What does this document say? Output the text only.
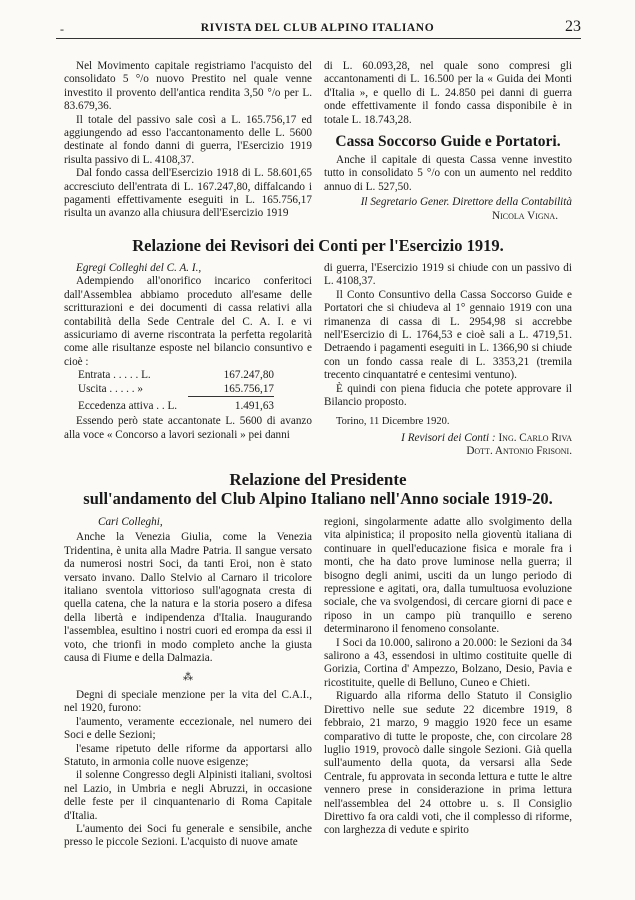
-	RIVISTA DEL CLUB ALPINO ITALIANO	23

Nel Movimento capitale registriamo l'acquisto del consolidato 5 °/o nuovo Prestito nel quale venne investito il provento dell'antica rendita 3,50 °/o per L. 83.679,36.

Il totale del passivo sale così a L. 165.756,17 ed aggiungendo ad esso l'accantonamento delle L. 5600 destinate al fondo danni di guerra, l'Esercizio 1919 risulta passivo di L. 4108,37.

Dal fondo cassa dell'Esercizio 1918 di L. 58.601,65 accresciuto dell'entrata di L. 167.247,80, diffalcando i pagamenti effettivamente eseguiti in L. 165.756,17 risulta un avanzo alla chiusura dell'Esercizio 1919

di L. 60.093,28, nel quale sono compresi gli accantonamenti di L. 16.500 per la « Guida dei Monti d'Italia », e quello di L. 24.850 pei danni di guerra onde effettivamente il fondo cassa disponibile è in totale L. 18.743,28.

Cassa Soccorso Guide e Portatori.

Anche il capitale di questa Cassa venne investito tutto in consolidato 5 °/o con un aumento nel reddito annuo di L. 527,50.

Il Segretario Gener. Direttore della Contabilità
Nicola Vigna.
Relazione dei Revisori dei Conti per l'Esercizio 1919.
Egregi Colleghi del C. A. I.,

Adempiendo all'onorifico incarico conferitoci dall'Assemblea abbiamo proceduto all'esame delle scritturazioni e dei documenti di cassa relativi alla contabilità della Sede Centrale del C. A. I. e vi assicuriamo di averne riscontrata la perfetta regolarità come alle risultanze esposte nel bilancio consuntivo e cioè :

Entrata . . . . . L.	167.247,80
Uscita . . . . . »	165.756,17
Eccedenza attiva . . L.	1.491,63

Essendo però state accantonate L. 5600 di avanzo alla voce « Concorso a lavori sezionali » pei danni

di guerra, l'Esercizio 1919 si chiude con un passivo di L. 4108,37.

Il Conto Consuntivo della Cassa Soccorso Guide e Portatori che si chiudeva al 1° gennaio 1919 con una rimanenza di cassa di L. 2954,98 si accrebbe nell'Esercizio di L. 1764,53 e cioè sali a L. 4719,51. Detraendo i pagamenti eseguiti in L. 1366,90 si chiude con un fondo cassa reale di L. 3353,21 (tremila trecento cinquantatré e centesimi ventuno).

È quindi con piena fiducia che potete approvare il Bilancio proposto.

Torino, 11 Dicembre 1920.
I Revisori dei Conti : Ing. Carlo Riva
Dott. Antonio Frisoni.
Relazione del Presidente
sull'andamento del Club Alpino Italiano nell'Anno sociale 1919-20.
Cari Colleghi,

Anche la Venezia Giulia, come la Venezia Tridentina, è unita alla Madre Patria. Il sangue versato da numerosi nostri Soci, da tanti Eroi, non è stato versato invano. Dallo Stelvio al Carnaro il tricolore italiano sventola vittorioso sull'agognata cresta di quella catena, che la natura e la storia posero a difesa della libertà e indipendenza d'Italia. Inaugurando l'assemblea, esultino i nostri cuori ed erompa da essi il voto, che trionfi in modo completo anche la giusta causa di Fiume e della Dalmazia.

⁂

Degni di speciale menzione per la vita del C.A.I., nel 1920, furono:

l'aumento, veramente eccezionale, nel numero dei Soci e delle Sezioni;

l'esame ripetuto delle riforme da apportarsi allo Statuto, in armonia colle nuove esigenze;

il solenne Congresso degli Alpinisti italiani, svoltosi nel Lazio, in Umbria e negli Abruzzi, in occasione delle feste per il cinquantenario di Roma Capitale d'Italia.

L'aumento dei Soci fu generale e sensibile, anche presso le piccole Sezioni. L'acquisto di nuove amate

regioni, singolarmente adatte allo svolgimento della vita alpinistica; il proposito nella gioventù italiana di continuare in quell'educazione fisica e morale fra i monti, che ha dato prove luminose nella guerra; il bisogno degli animi, usciti da un lungo periodo di repressione e agitati, ora, dalla tumultuosa evoluzione sociale, che va svolgendosi, di cercare giorni di pace e riposo in un campo più tranquillo e sereno determinarono il fenomeno consolante.

I Soci da 10.000, salirono a 20.000: le Sezioni da 34 salirono a 43, essendosi in ultimo costituite quelle di Gorizia, Cortina d' Ampezzo, Bolzano, Desio, Pavia e ricostituite, quelle di Belluno, Cuneo e Chieti.

Riguardo alla riforma dello Statuto il Consiglio Direttivo nelle sue sedute 22 dicembre 1919, 8 febbraio, 21 marzo, 9 maggio 1920 fece un esame comparativo di tutte le proposte, che, con circolare 28 luglio 1919, provocò dalle singole Sezioni. Già quella sull'aumento della quota, da versarsi alla Sede Centrale, fu approvata in seconda lettura e tutte le altre vennero prese in considerazione in prima lettura nell'assemblea del 24 ottobre u. s. Il Consiglio Direttivo fa ora caldi voti, che il complesso di riforme, con larghezza di vedute e spirito
